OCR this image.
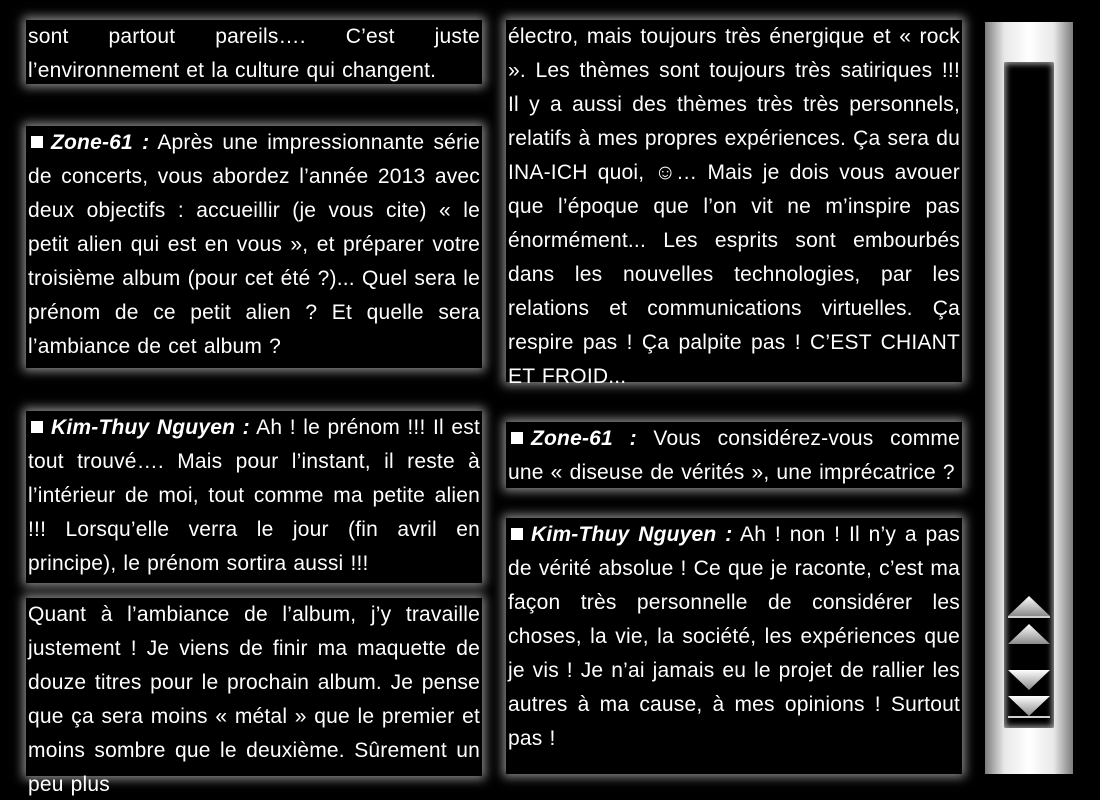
sont partout pareils…. C’est juste l’environnement et la culture qui changent.

Zone-61 : Après une impressionnante série de concerts, vous abordez l’année 2013 avec deux objectifs : accueillir (je vous cite) « le petit alien qui est en vous », et préparer votre troisième album (pour cet été ?)... Quel sera le prénom de ce petit alien ? Et quelle sera l’ambiance de cet album ?

Kim-Thuy Nguyen : Ah ! le prénom !!! Il est tout trouvé…. Mais pour l’instant, il reste à l’intérieur de moi, tout comme ma petite alien !!! Lorsqu’elle verra le jour (fin avril en principe), le prénom sortira aussi !!!

Quant à l’ambiance de l’album, j’y travaille justement ! Je viens de finir ma maquette de douze titres pour le prochain album. Je pense que ça sera moins « métal » que le premier et moins sombre que le deuxième. Sûrement un peu plus

électro, mais toujours très énergique et « rock ». Les thèmes sont toujours très satiriques !!! Il y a aussi des thèmes très très personnels, relatifs à mes propres expériences. Ça sera du INA-ICH quoi, ☺… Mais je dois vous avouer que l’époque que l’on vit ne m’inspire pas énormément... Les esprits sont embourbés dans les nouvelles technologies, par les relations et communications virtuelles. Ça respire pas ! Ça palpite pas ! C’EST CHIANT ET FROID...

Zone-61 : Vous considérez-vous comme une « diseuse de vérités », une imprécatrice ?

Kim-Thuy Nguyen : Ah ! non ! Il n’y a pas de vérité absolue ! Ce que je raconte, c’est ma façon très personnelle de considérer les choses, la vie, la société, les expériences que je vis ! Je n’ai jamais eu le projet de rallier les autres à ma cause, à mes opinions ! Surtout pas !
